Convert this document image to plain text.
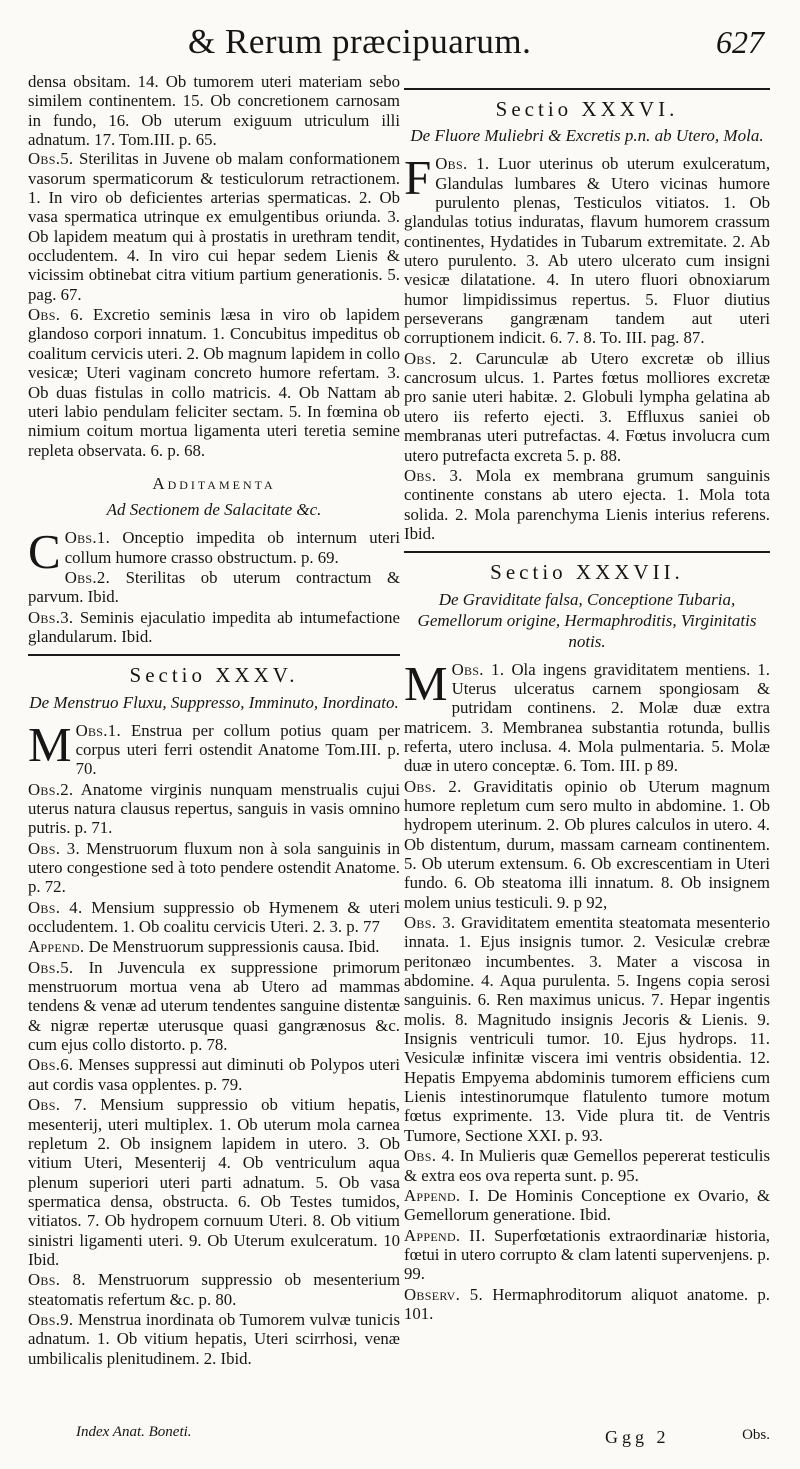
& Rerum præcipuarum.	627

densa obsitam. 14. Ob tumorem uteri materiam sebo similem continentem. 15. Ob concretionem carnosam in fundo, 16. Ob uterum exiguum utriculum illi adnatum. 17. Tom.III. p. 65.

Obs.5. Sterilitas in Juvene ob malam conformationem vasorum spermaticorum & testiculorum retractionem. 1. In viro ob deficientes arterias spermaticas. 2. Ob vasa spermatica utrinque ex emulgentibus oriunda. 3. Ob lapidem meatum qui à prostatis in urethram tendit, occludentem. 4. In viro cui hepar sedem Lienis & vicissim obtinebat citra vitium partium generationis. 5. pag. 67.

Obs. 6. Excretio seminis læsa in viro ob lapidem glandoso corpori innatum. 1. Concubitus impeditus ob coalitum cervicis uteri. 2. Ob magnum lapidem in collo vesicæ; Uteri vaginam concreto humore refertam. 3. Ob duas fistulas in collo matricis. 4. Ob Nattam ab uteri labio pendulam feliciter sectam. 5. In fœmina ob nimium coitum mortua ligamenta uteri teretia semine repleta observata. 6. p. 68.

Additamenta
Ad Sectionem de Salacitate &c.

Obs.1.
C	Onceptio impedita ob internum uteri collum humore crasso obstructum. p. 69.

Obs.2. Sterilitas ob uterum contractum & parvum. Ibid.

Obs.3. Seminis ejaculatio impedita ab intumefactione glandularum. Ibid.

Sectio XXXV.
De Menstruo Fluxu, Suppresso, Imminuto, Inordinato.

Obs.1.
M	Enstrua per collum potius quam per corpus uteri ferri ostendit Anatome Tom.III. p. 70.

Obs.2. Anatome virginis nunquam menstrualis cujui uterus natura clausus repertus, sanguis in vasis omnino putris. p. 71.

Obs. 3. Menstruorum fluxum non à sola sanguinis in utero congestione sed à toto pendere ostendit Anatome. p. 72.

Obs. 4. Mensium suppressio ob Hymenem & uteri occludentem. 1. Ob coalitu cervicis Uteri. 2. 3. p. 77

Append. De Menstruorum suppressionis causa. Ibid.

Obs.5. In Juvencula ex suppressione primorum menstruorum mortua vena ab Utero ad mammas tendens & venæ ad uterum tendentes sanguine distentæ & nigræ repertæ uterusque quasi gangrænosus &c. cum ejus collo distorto. p. 78.

Obs.6. Menses suppressi aut diminuti ob Polypos uteri aut cordis vasa opplentes. p. 79.

Obs. 7. Mensium suppressio ob vitium hepatis, mesenterij, uteri multiplex. 1. Ob uterum mola carnea repletum 2. Ob insignem lapidem in utero. 3. Ob vitium Uteri, Mesenterij 4. Ob ventriculum aqua plenum superiori uteri parti adnatum. 5. Ob vasa spermatica densa, obstructa. 6. Ob Testes tumidos, vitiatos. 7. Ob hydropem cornuum Uteri. 8. Ob vitium sinistri ligamenti uteri. 9. Ob Uterum exulceratum. 10 Ibid.

Obs. 8. Menstruorum suppressio ob mesenterium steatomatis refertum &c. p. 80.

Obs.9. Menstrua inordinata ob Tumorem vulvæ tunicis adnatum. 1. Ob vitium hepatis, Uteri scirrhosi, venæ umbilicalis plenitudinem. 2. Ibid.

Sectio XXXVI.
De Fluore Muliebri & Excretis p.n. ab Utero, Mola.

Obs. 1.
F	Luor uterinus ob uterum exulceratum, Glandulas lumbares & Utero vicinas humore purulento plenas, Testiculos vitiatos. 1. Ob glandulas totius induratas, flavum humorem crassum continentes, Hydatides in Tubarum extremitate. 2. Ab utero purulento. 3. Ab utero ulcerato cum insigni vesicæ dilatatione. 4. In utero fluori obnoxiarum humor limpidissimus repertus. 5. Fluor diutius perseverans gangrænam tandem aut uteri corruptionem indicit. 6. 7. 8. To. III. pag. 87.

Obs. 2. Carunculæ ab Utero excretæ ob illius cancrosum ulcus. 1. Partes fœtus molliores excretæ pro sanie uteri habitæ. 2. Globuli lympha gelatina ab utero iis referto ejecti. 3. Effluxus saniei ob membranas uteri putrefactas. 4. Fœtus involucra cum utero putrefacta excreta 5. p. 88.

Obs. 3. Mola ex membrana grumum sanguinis continente constans ab utero ejecta. 1. Mola tota solida. 2. Mola parenchyma Lienis interius referens. Ibid.

Sectio XXXVII.
De Graviditate falsa, Conceptione Tubaria, Gemellorum origine, Hermaphroditis, Virginitatis notis.

Obs. 1.
M	Ola ingens graviditatem mentiens. 1. Uterus ulceratus carnem spongiosam & putridam continens. 2. Molæ duæ extra matricem. 3. Membranea substantia rotunda, bullis referta, utero inclusa. 4. Mola pulmentaria. 5. Molæ duæ in utero conceptæ. 6. Tom. III. p 89.

Obs. 2. Graviditatis opinio ob Uterum magnum humore repletum cum sero multo in abdomine. 1. Ob hydropem uterinum. 2. Ob plures calculos in utero. 4. Ob distentum, durum, massam carneam continentem. 5. Ob uterum extensum. 6. Ob excrescentiam in Uteri fundo. 6. Ob steatoma illi innatum. 8. Ob insignem molem unius testiculi. 9. p 92,

Obs. 3. Graviditatem ementita steatomata mesenterio innata. 1. Ejus insignis tumor. 2. Vesiculæ crebræ peritonæo incumbentes. 3. Mater a viscosa in abdomine. 4. Aqua purulenta. 5. Ingens copia serosi sanguinis. 6. Ren maximus unicus. 7. Hepar ingentis molis. 8. Magnitudo insignis Jecoris & Lienis. 9. Insignis ventriculi tumor. 10. Ejus hydrops. 11. Vesiculæ infinitæ viscera imi ventris obsidentia. 12. Hepatis Empyema abdominis tumorem efficiens cum Lienis intestinorumque flatulento tumore motum fœtus exprimente. 13. Vide plura tit. de Ventris Tumore, Sectione XXI. p. 93.

Obs. 4. In Mulieris quæ Gemellos pepererat testiculis & extra eos ova reperta sunt. p. 95.

Append. I. De Hominis Conceptione ex Ovario, & Gemellorum generatione. Ibid.

Append. II. Superfœtationis extraordinariæ historia, fœtui in utero corrupto & clam latenti supervenjens. p. 99.

Observ. 5. Hermaphroditorum aliquot anatome. p. 101.

Index Anat. Boneti.	Ggg 2	Obs.
